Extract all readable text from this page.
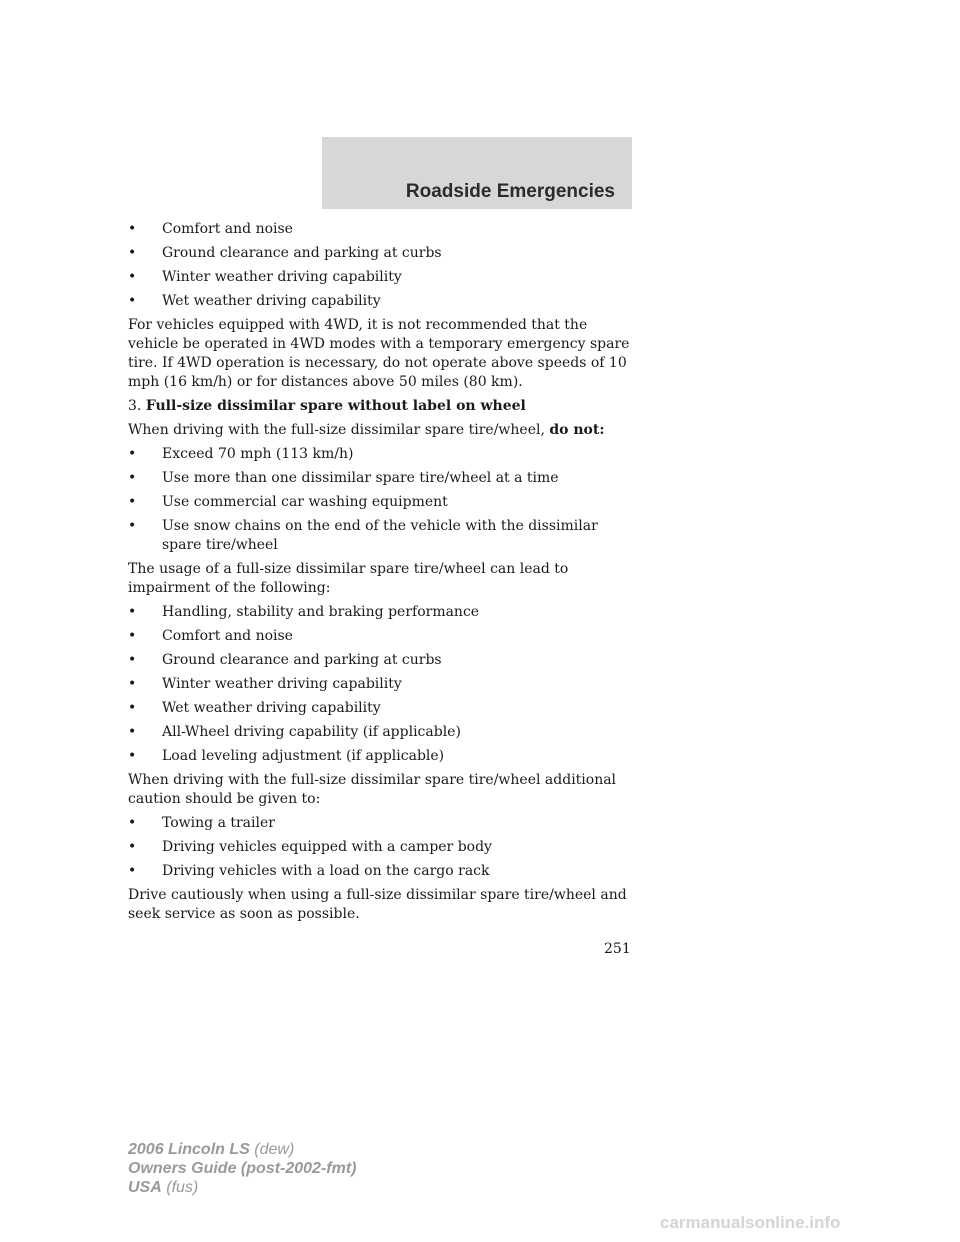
Roadside Emergencies
• Comfort and noise
• Ground clearance and parking at curbs
• Winter weather driving capability
• Wet weather driving capability

For vehicles equipped with 4WD, it is not recommended that the vehicle be operated in 4WD modes with a temporary emergency spare tire. If 4WD operation is necessary, do not operate above speeds of 10 mph (16 km/h) or for distances above 50 miles (80 km).

3. Full-size dissimilar spare without label on wheel

When driving with the full-size dissimilar spare tire/wheel, do not:

• Exceed 70 mph (113 km/h)
• Use more than one dissimilar spare tire/wheel at a time
• Use commercial car washing equipment
• Use snow chains on the end of the vehicle with the dissimilar spare tire/wheel

The usage of a full-size dissimilar spare tire/wheel can lead to impairment of the following:

• Handling, stability and braking performance
• Comfort and noise
• Ground clearance and parking at curbs
• Winter weather driving capability
• Wet weather driving capability
• All-Wheel driving capability (if applicable)
• Load leveling adjustment (if applicable)

When driving with the full-size dissimilar spare tire/wheel additional caution should be given to:

• Towing a trailer
• Driving vehicles equipped with a camper body
• Driving vehicles with a load on the cargo rack

Drive cautiously when using a full-size dissimilar spare tire/wheel and seek service as soon as possible.

251
2006 Lincoln LS (dew)
Owners Guide (post-2002-fmt)
USA (fus)
carmanualsonline.info
